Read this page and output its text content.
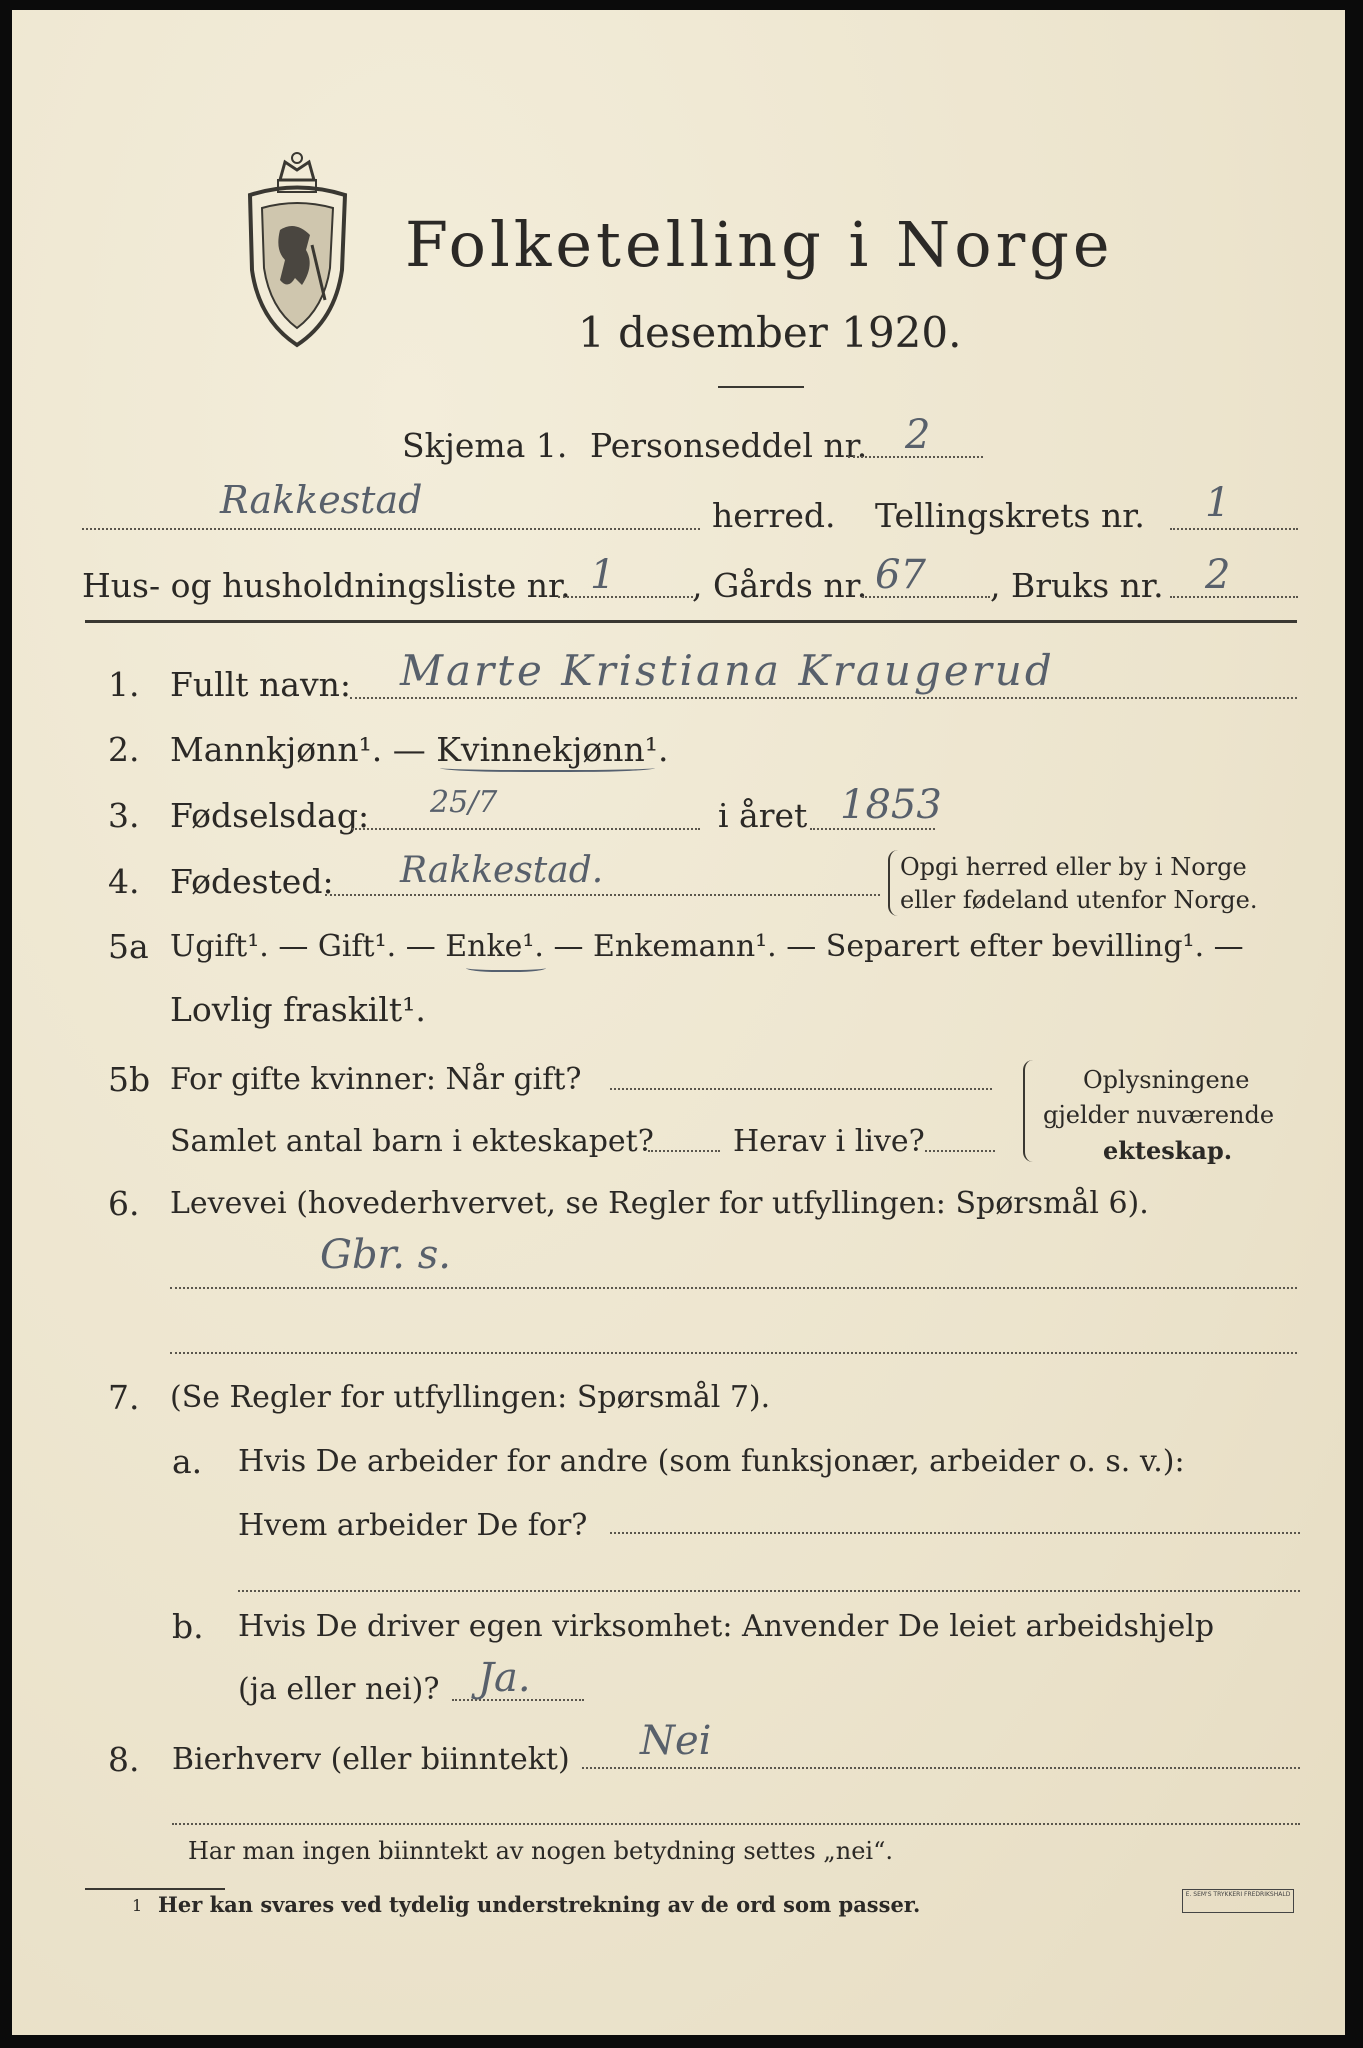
Folketelling i Norge
1 desember 1920.
Skjema 1. Personseddel nr. 2
Rakkestad	herred. Tellingskrets nr. 1
Hus- og husholdningsliste nr. 1 , Gårds nr. 67 , Bruks nr. 2
1. Fullt navn: Marte Kristiana Kraugerud
2. Mannkjønn¹. — Kvinnekjønn¹.
3. Fødselsdag: 25/7	i året 1853
4. Fødested: Rakkestad.	Opgi herred eller by i Norge
eller fødeland utenfor Norge.
5a Ugift¹. — Gift¹. — Enke¹. — Enkemann¹. — Separert efter bevilling¹. —
Lovlig fraskilt¹.
5b For gifte kvinner: Når gift?
Samlet antal barn i ekteskapet?	Herav i live?
Oplysningene
gjelder nuværende
ekteskap.
6. Levevei (hovederhvervet, se Regler for utfyllingen: Spørsmål 6).
Gbr. s.
7. (Se Regler for utfyllingen: Spørsmål 7).
a. Hvis De arbeider for andre (som funksjonær, arbeider o. s. v.):
Hvem arbeider De for?
b. Hvis De driver egen virksomhet: Anvender De leiet arbeidshjelp
(ja eller nei)? Ja.
8. Bierhverv (eller biinntekt) Nei
Har man ingen biinntekt av nogen betydning settes „nei“.
1 Her kan svares ved tydelig understrekning av de ord som passer.	E. SEM'S TRYKKERI FREDRIKSHALD
